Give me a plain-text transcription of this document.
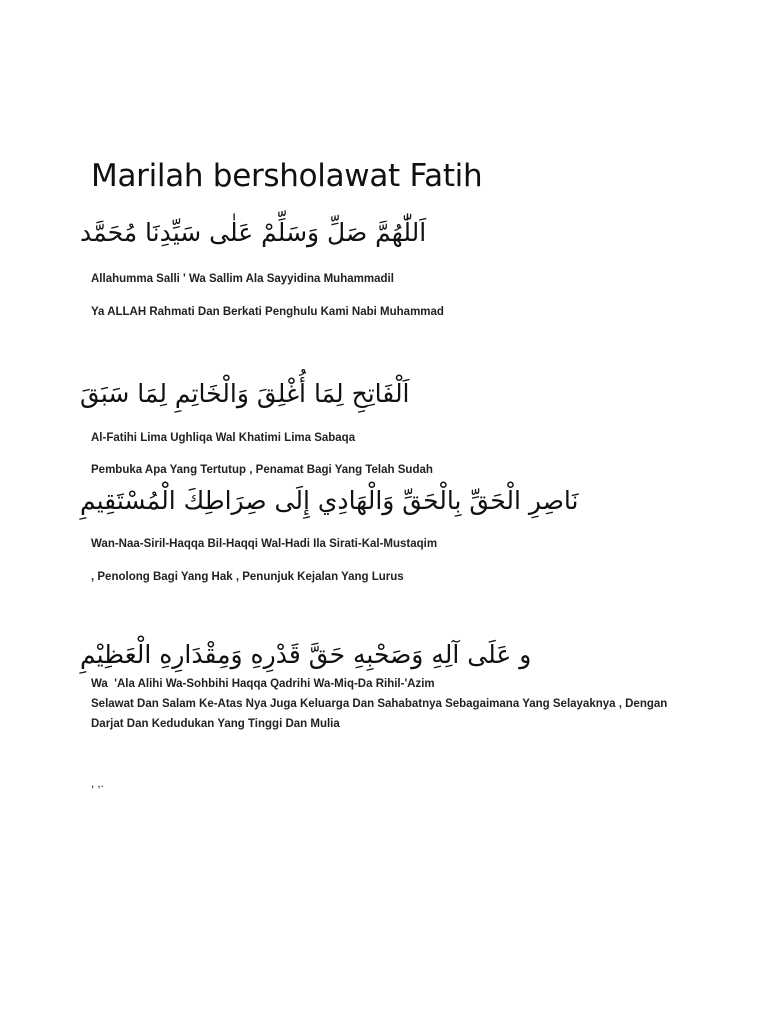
Marilah bersholawat Fatih
اَللّٰهُمَّ صَلِّ وَسَلِّمْ عَلٰى سَيِّدِنَا مُحَمَّد
Allahumma Salli ' Wa Sallim Ala Sayyidina Muhammadil
Ya ALLAH Rahmati Dan Berkati Penghulu Kami Nabi Muhammad
اَلْفَاتِحِ لِمَا أُغْلِقَ وَالْخَاتِمِ لِمَا سَبَقَ
Al-Fatihi Lima Ughliqa Wal Khatimi Lima Sabaqa
Pembuka Apa Yang Tertutup , Penamat Bagi Yang Telah Sudah
نَاصِرِ الْحَقِّ بِالْحَقِّ وَالْهَادِي إِلَى صِرَاطِكَ الْمُسْتَقِيمِ
Wan-Naa-Siril-Haqqa Bil-Haqqi Wal-Hadi Ila Sirati-Kal-Mustaqim
, Penolong Bagi Yang Hak , Penunjuk Kejalan Yang Lurus
و عَلَى آلِهِ وَصَحْبِهِ حَقَّ قَدْرِهِ وَمِقْدَارِهِ الْعَظِيْمِ
Wa  'Ala Alihi Wa-Sohbihi Haqqa Qadrihi Wa-Miq-Da Rihil-'Azim
Selawat Dan Salam Ke-Atas Nya Juga Keluarga Dan Sahabatnya Sebagaimana Yang Selayaknya , Dengan Darjat Dan Kedudukan Yang Tinggi Dan Mulia
, ,.
